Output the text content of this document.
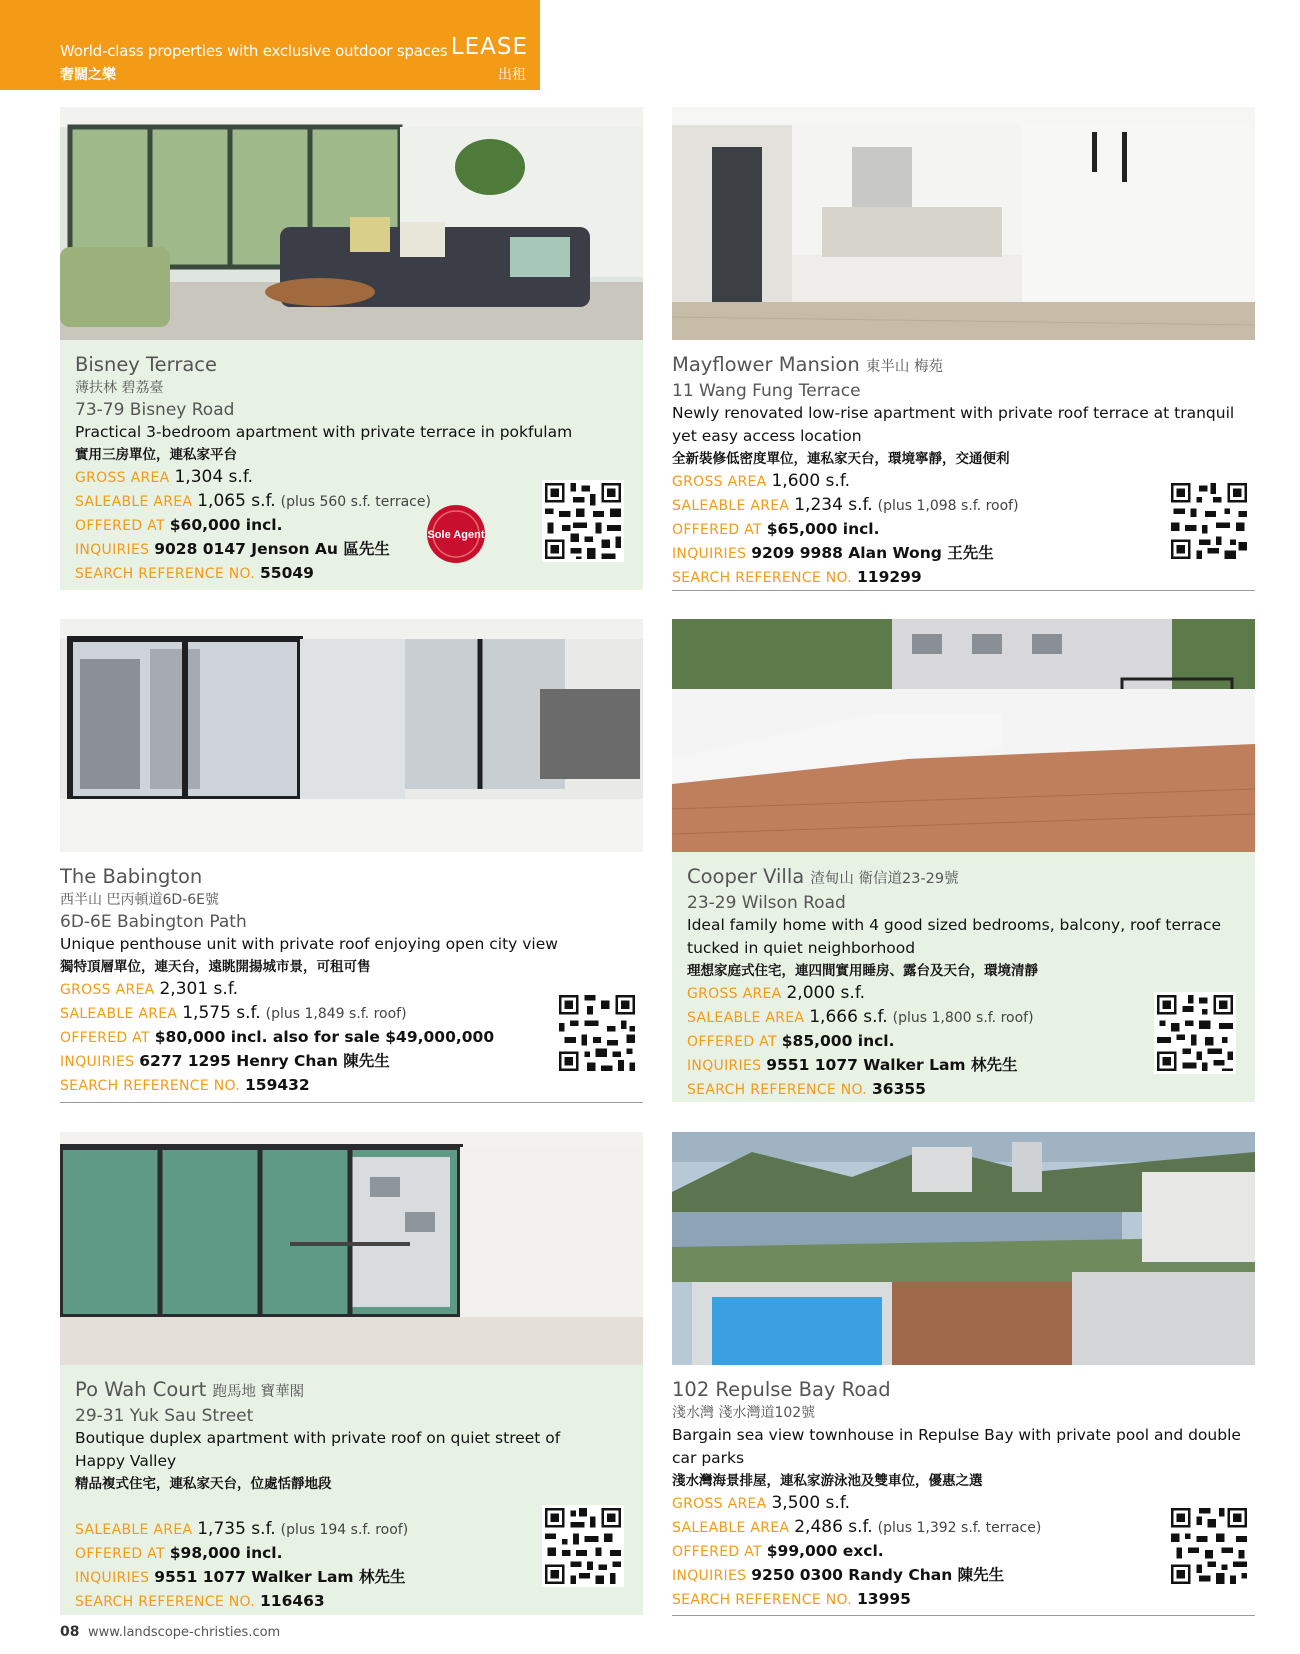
World-class properties with exclusive outdoor spaces
奢闊之樂
LEASE
出租
Bisney Terrace
薄扶林 碧荔臺
73-79 Bisney Road
Practical 3-bedroom apartment with private terrace in pokfulam
實用三房單位，連私家平台
GROSS AREA 1,304 s.f.
SALEABLE AREA 1,065 s.f. (plus 560 s.f. terrace)
OFFERED AT $60,000 incl.
INQUIRIES 9028 0147 Jenson Au 區先生
SEARCH REFERENCE NO. 55049
Sole Agent
Mayflower Mansion 東半山 梅苑
11 Wang Fung Terrace
Newly renovated low-rise apartment with private roof terrace at tranquil yet easy access location
全新裝修低密度單位，連私家天台，環境寧靜，交通便利
GROSS AREA 1,600 s.f.
SALEABLE AREA 1,234 s.f. (plus 1,098 s.f. roof)
OFFERED AT $65,000 incl.
INQUIRIES 9209 9988 Alan Wong 王先生
SEARCH REFERENCE NO. 119299
The Babington
西半山 巴丙頓道6D-6E號
6D-6E Babington Path
Unique penthouse unit with private roof enjoying open city view
獨特頂層單位，連天台，遠眺開揚城市景，可租可售
GROSS AREA 2,301 s.f.
SALEABLE AREA 1,575 s.f. (plus 1,849 s.f. roof)
OFFERED AT $80,000 incl. also for sale $49,000,000
INQUIRIES 6277 1295 Henry Chan 陳先生
SEARCH REFERENCE NO. 159432
Cooper Villa 渣甸山 衛信道23-29號
23-29 Wilson Road
Ideal family home with 4 good sized bedrooms, balcony, roof terrace tucked in quiet neighborhood
理想家庭式住宅，連四間實用睡房、露台及天台，環境清靜
GROSS AREA 2,000 s.f.
SALEABLE AREA 1,666 s.f. (plus 1,800 s.f. roof)
OFFERED AT $85,000 incl.
INQUIRIES 9551 1077 Walker Lam 林先生
SEARCH REFERENCE NO. 36355
Po Wah Court 跑馬地 寶華閣
29-31 Yuk Sau Street
Boutique duplex apartment with private roof on quiet street of Happy Valley
精品複式住宅，連私家天台，位處恬靜地段

SALEABLE AREA 1,735 s.f. (plus 194 s.f. roof)
OFFERED AT $98,000 incl.
INQUIRIES 9551 1077 Walker Lam 林先生
SEARCH REFERENCE NO. 116463
102 Repulse Bay Road
淺水灣 淺水灣道102號
Bargain sea view townhouse in Repulse Bay with private pool and double car parks
淺水灣海景排屋，連私家游泳池及雙車位，優惠之選
GROSS AREA 3,500 s.f.
SALEABLE AREA 2,486 s.f. (plus 1,392 s.f. terrace)
OFFERED AT $99,000 excl.
INQUIRIES 9250 0300 Randy Chan 陳先生
SEARCH REFERENCE NO. 13995
08 www.landscope-christies.com
